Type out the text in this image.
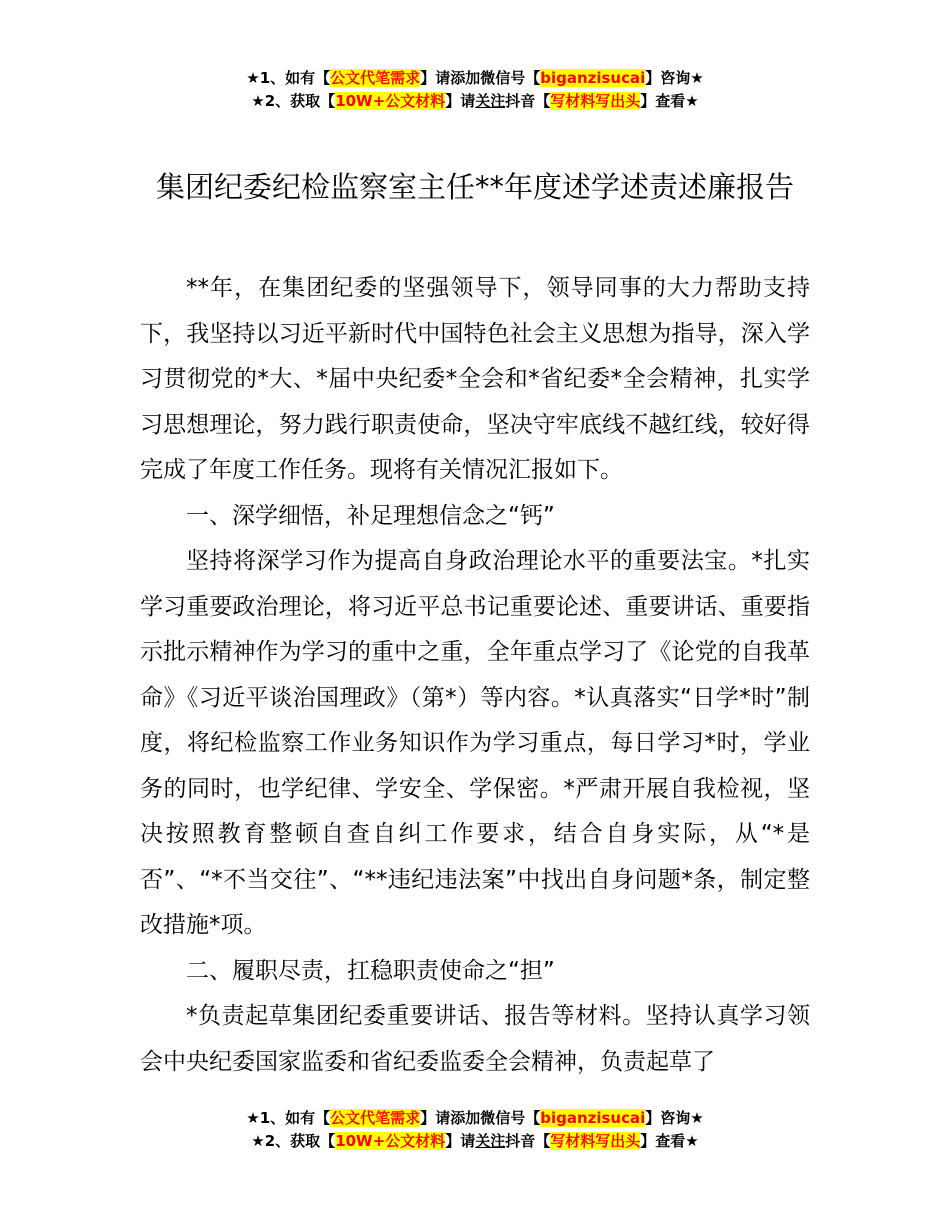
★1、如有【公文代笔需求】请添加微信号【biganzisucai】咨询★
★2、获取【10W+公文材料】请关注抖音【写材料写出头】查看★
集团纪委纪检监察室主任**年度述学述责述廉报告

**年，在集团纪委的坚强领导下，领导同事的大力帮助支持下，我坚持以习近平新时代中国特色社会主义思想为指导，深入学习贯彻党的*大、*届中央纪委*全会和*省纪委*全会精神，扎实学习思想理论，努力践行职责使命，坚决守牢底线不越红线，较好得完成了年度工作任务。现将有关情况汇报如下。

一、深学细悟，补足理想信念之“钙”

坚持将深学习作为提高自身政治理论水平的重要法宝。*扎实学习重要政治理论，将习近平总书记重要论述、重要讲话、重要指示批示精神作为学习的重中之重，全年重点学习了《论党的自我革命》《习近平谈治国理政》（第*）等内容。*认真落实“日学*时”制度，将纪检监察工作业务知识作为学习重点，每日学习*时，学业务的同时，也学纪律、学安全、学保密。*严肃开展自我检视，坚决按照教育整顿自查自纠工作要求，结合自身实际，从“*是否”、“*不当交往”、“**违纪违法案”中找出自身问题*条，制定整改措施*项。

二、履职尽责，扛稳职责使命之“担”

*负责起草集团纪委重要讲话、报告等材料。坚持认真学习领会中央纪委国家监委和省纪委监委全会精神，负责起草了

★1、如有【公文代笔需求】请添加微信号【biganzisucai】咨询★
★2、获取【10W+公文材料】请关注抖音【写材料写出头】查看★
